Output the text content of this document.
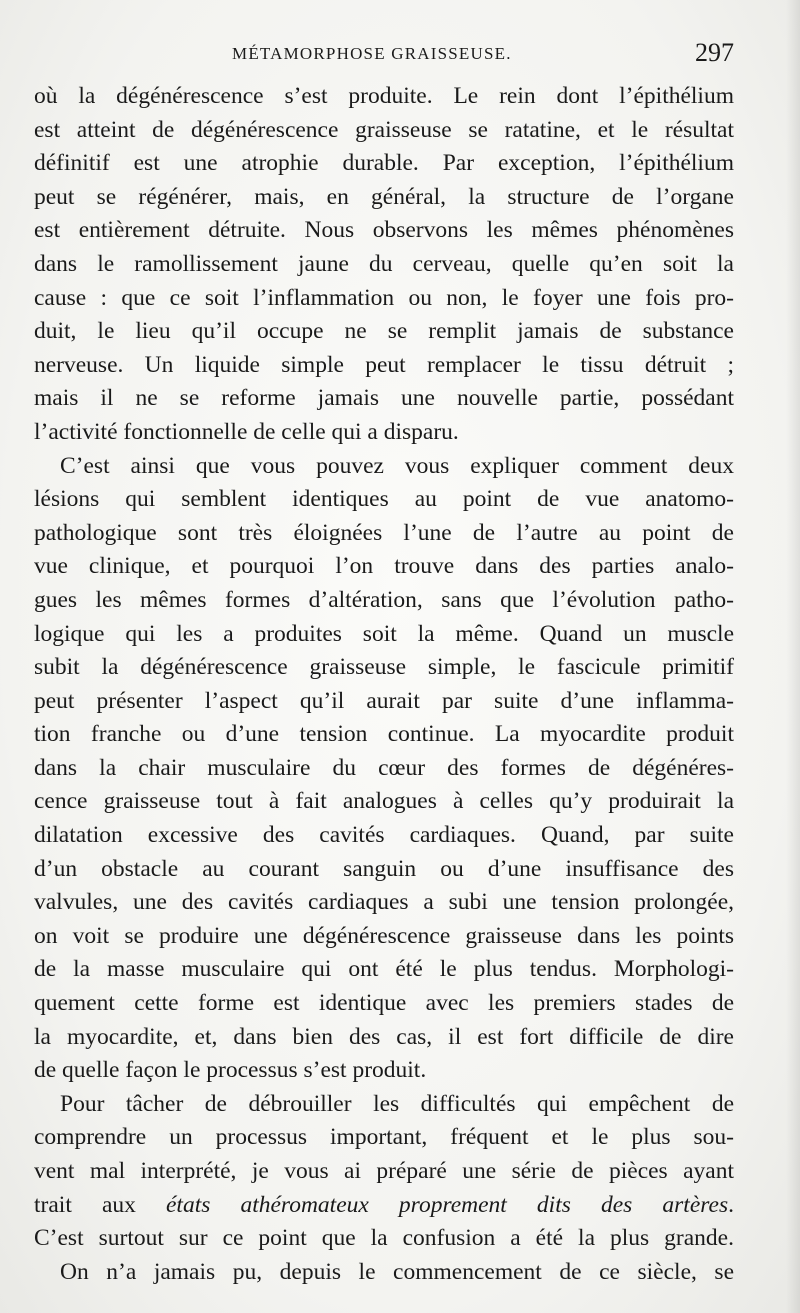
MÉTAMORPHOSE GRAISSEUSE.	297
où la dégénérescence s’est produite. Le rein dont l’épithélium
est atteint de dégénérescence graisseuse se ratatine, et le résultat
définitif est une atrophie durable. Par exception, l’épithélium
peut se régénérer, mais, en général, la structure de l’organe
est entièrement détruite. Nous observons les mêmes phénomènes
dans le ramollissement jaune du cerveau, quelle qu’en soit la
cause : que ce soit l’inflammation ou non, le foyer une fois pro-
duit, le lieu qu’il occupe ne se remplit jamais de substance
nerveuse. Un liquide simple peut remplacer le tissu détruit ;
mais il ne se reforme jamais une nouvelle partie, possédant
l’activité fonctionnelle de celle qui a disparu.
C’est ainsi que vous pouvez vous expliquer comment deux
lésions qui semblent identiques au point de vue anatomo-
pathologique sont très éloignées l’une de l’autre au point de
vue clinique, et pourquoi l’on trouve dans des parties analo-
gues les mêmes formes d’altération, sans que l’évolution patho-
logique qui les a produites soit la même. Quand un muscle
subit la dégénérescence graisseuse simple, le fascicule primitif
peut présenter l’aspect qu’il aurait par suite d’une inflamma-
tion franche ou d’une tension continue. La myocardite produit
dans la chair musculaire du cœur des formes de dégénéres-
cence graisseuse tout à fait analogues à celles qu’y produirait la
dilatation excessive des cavités cardiaques. Quand, par suite
d’un obstacle au courant sanguin ou d’une insuffisance des
valvules, une des cavités cardiaques a subi une tension prolongée,
on voit se produire une dégénérescence graisseuse dans les points
de la masse musculaire qui ont été le plus tendus. Morphologi-
quement cette forme est identique avec les premiers stades de
la myocardite, et, dans bien des cas, il est fort difficile de dire
de quelle façon le processus s’est produit.
Pour tâcher de débrouiller les difficultés qui empêchent de
comprendre un processus important, fréquent et le plus sou-
vent mal interprété, je vous ai préparé une série de pièces ayant
trait aux états athéromateux proprement dits des artères.
C’est surtout sur ce point que la confusion a été la plus grande.
On n’a jamais pu, depuis le commencement de ce siècle, se
